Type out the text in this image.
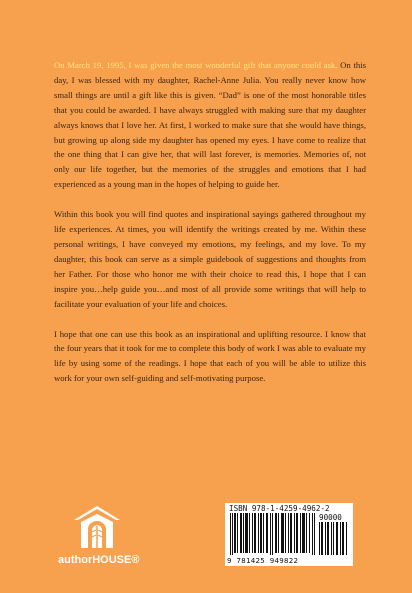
On March 19, 1995, I was given the most wonderful gift that anyone could ask. On this day, I was blessed with my daughter, Rachel-Anne Julia. You really never know how small things are until a gift like this is given. “Dad” is one of the most honorable titles that you could be awarded. I have always struggled with making sure that my daughter always knows that I love her. At first, I worked to make sure that she would have things, but growing up along side my daughter has opened my eyes. I have come to realize that the one thing that I can give her, that will last forever, is memories. Memories of, not only our life together, but the memories of the struggles and emotions that I had experienced as a young man in the hopes of helping to guide her.

Within this book you will find quotes and inspirational sayings gathered throughout my life experiences. At times, you will identify the writings created by me. Within these personal writings, I have conveyed my emotions, my feelings, and my love. To my daughter, this book can serve as a simple guidebook of suggestions and thoughts from her Father. For those who honor me with their choice to read this, I hope that I can inspire you…help guide you…and most of all provide some writings that will help to facilitate your evaluation of your life and choices.

I hope that one can use this book as an inspirational and uplifting resource. I know that the four years that it took for me to complete this body of work I was able to evaluate my life by using some of the readings. I hope that each of you will be able to utilize this work for your own self-guiding and self-motivating purpose.

authorHOUSE®
ISBN 978-1-4259-4962-2
90000
9 781425 949822
